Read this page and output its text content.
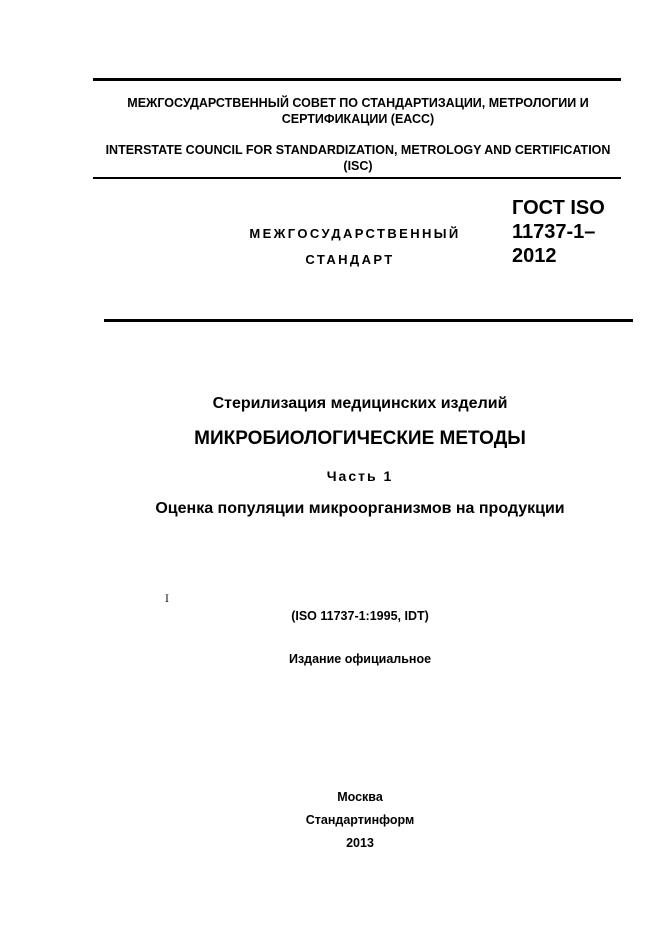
МЕЖГОСУДАРСТВЕННЫЙ СОВЕТ ПО СТАНДАРТИЗАЦИИ, МЕТРОЛОГИИ И СЕРТИФИКАЦИИ (ЕАСС)
INTERSTATE COUNCIL FOR STANDARDIZATION, METROLOGY AND CERTIFICATION (ISC)
МЕЖГОСУДАРСТВЕННЫЙ
СТАНДАРТ
ГОСТ ISO
11737-1–
2012
Стерилизация медицинских изделий
МИКРОБИОЛОГИЧЕСКИЕ МЕТОДЫ
Часть 1
Оценка популяции микроорганизмов на продукции
I
(ISO 11737-1:1995, IDT)
Издание официальное
Москва
Стандартинформ
2013
